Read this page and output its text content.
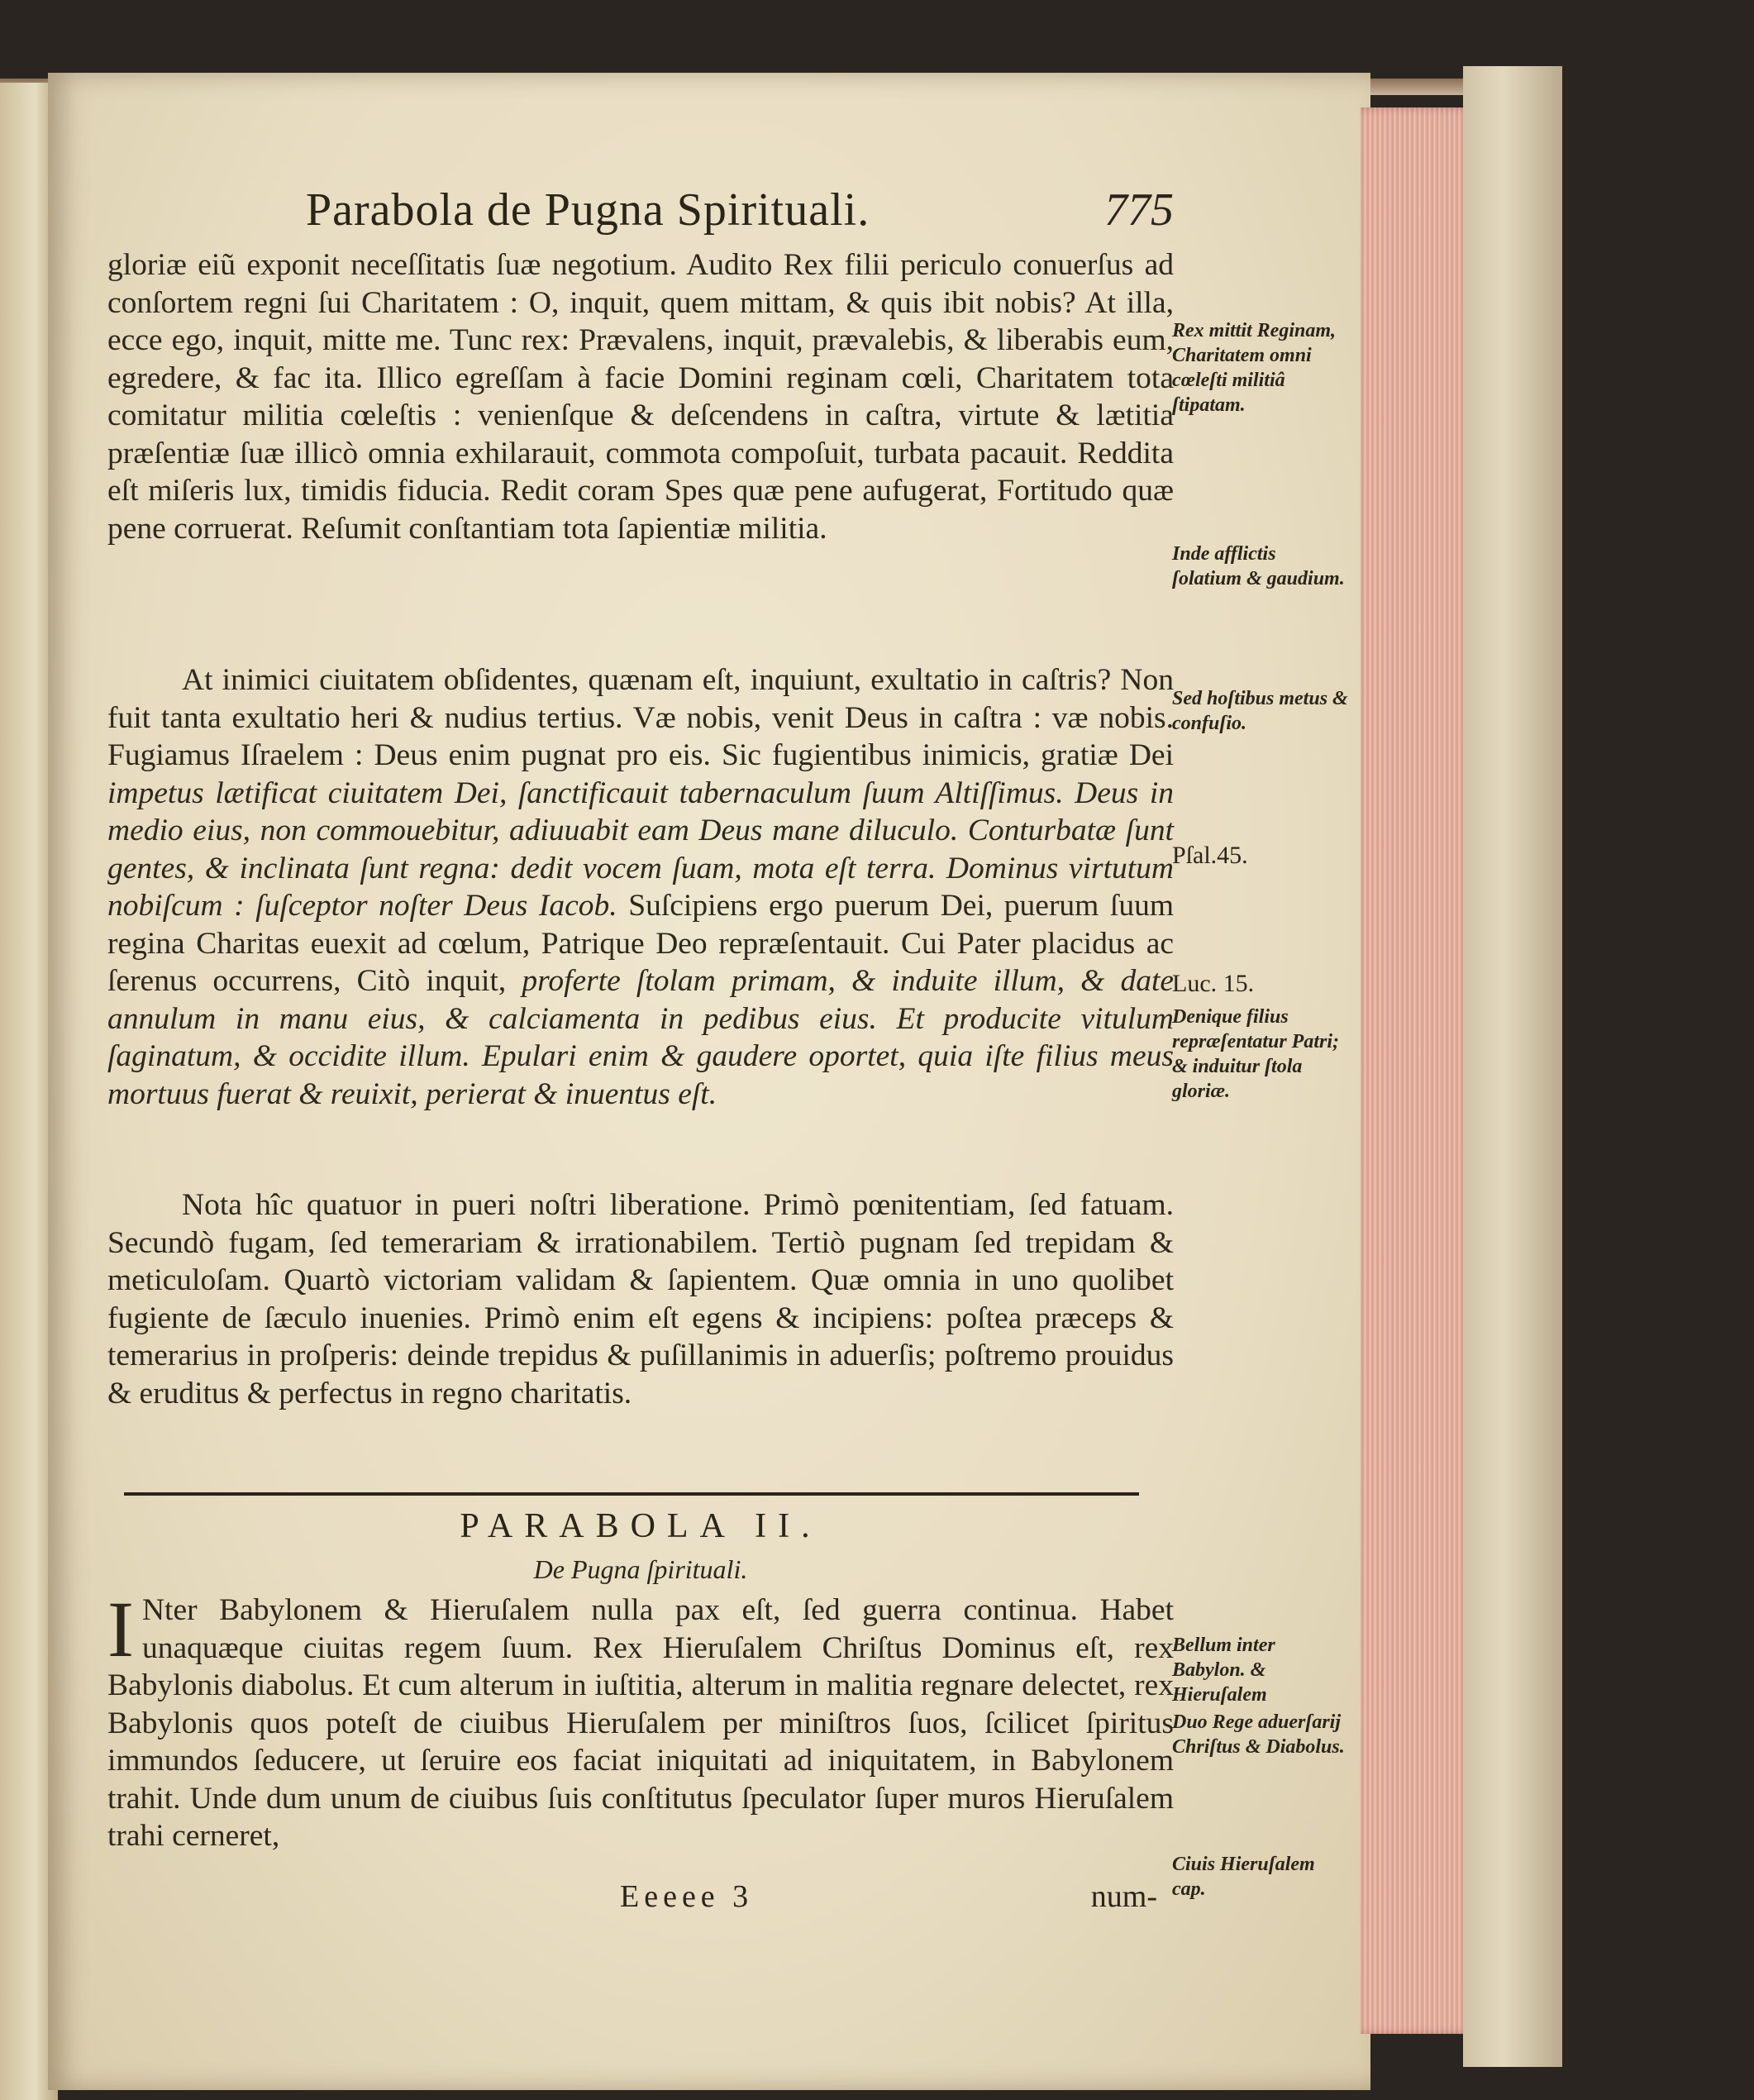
Parabola de Pugna Spirituali.	775

gloriæ eiũ exponit neceſſitatis ſuæ negotium. Audito Rex filii periculo conuerſus ad conſortem regni ſui Charitatem : O, inquit, quem mittam, & quis ibit nobis? At illa, ecce ego, inquit, mitte me. Tunc rex: Prævalens, inquit, prævalebis, & liberabis eum, egredere, & fac ita. Illico egreſſam à facie Domini reginam cœli, Charitatem tota comitatur militia cœleſtis : venienſque & deſcendens in caſtra, virtute & lætitia præſentiæ ſuæ illicò omnia exhilarauit, commota compoſuit, turbata pacauit. Reddita eſt miſeris lux, timidis fiducia. Redit coram Spes quæ pene aufugerat, Fortitudo quæ pene corruerat. Reſumit conſtantiam tota ſapientiæ militia.

At inimici ciuitatem obſidentes, quænam eſt, inquiunt, exultatio in caſtris? Non fuit tanta exultatio heri & nudius tertius. Væ nobis, venit Deus in caſtra : væ nobis. Fugiamus Iſraelem : Deus enim pugnat pro eis. Sic fugientibus inimicis, gratiæ Dei impetus lætificat ciuitatem Dei, ſanctificauit tabernaculum ſuum Altiſſimus. Deus in medio eius, non commouebitur, adiuuabit eam Deus mane diluculo. Conturbatæ ſunt gentes, & inclinata ſunt regna: dedit vocem ſuam, mota eſt terra. Dominus virtutum nobiſcum : ſuſceptor noſter Deus Iacob. Suſcipiens ergo puerum Dei, puerum ſuum regina Charitas euexit ad cœlum, Patrique Deo repræſentauit. Cui Pater placidus ac ſerenus occurrens, Citò inquit, proferte ſtolam primam, & induite illum, & date annulum in manu eius, & calciamenta in pedibus eius. Et producite vitulum ſaginatum, & occidite illum. Epulari enim & gaudere oportet, quia iſte filius meus mortuus fuerat & reuixit, perierat & inuentus eſt.

Nota hîc quatuor in pueri noſtri liberatione. Primò pœnitentiam, ſed fatuam. Secundò fugam, ſed temerariam & irrationabilem. Tertiò pugnam ſed trepidam & meticuloſam. Quartò victoriam validam & ſapientem. Quæ omnia in uno quolibet fugiente de ſæculo inuenies. Primò enim eſt egens & incipiens: poſtea præceps & temerarius in proſperis: deinde trepidus & puſillanimis in aduerſis; poſtremo prouidus & eruditus & perfectus in regno charitatis.

PARABOLA II.
De Pugna ſpirituali.
I Nter Babylonem & Hieruſalem nulla pax eſt, ſed guerra continua. Habet unaquæque ciuitas regem ſuum. Rex Hieruſalem Chriſtus Dominus eſt, rex Babylonis diabolus. Et cum alterum in iuſtitia, alterum in malitia regnare delectet, rex Babylonis quos poteſt de ciuibus Hieruſalem per miniſtros ſuos, ſcilicet ſpiritus immundos ſeducere, ut ſeruire eos faciat iniquitati ad iniquitatem, in Babylonem trahit. Unde dum unum de ciuibus ſuis conſtitutus ſpeculator ſuper muros Hieruſalem trahi cerneret,

Eeeee 3	num-
Rex mittit Reginam, Charitatem omni cœleſti militiâ ſtipatam.
Inde afflictis ſolatium & gaudium.
Sed hoſtibus metus & confuſio.
Pſal.45.
Luc. 15.
Denique filius repræſentatur Patri; & induitur ſtola gloriæ.
Bellum inter Babylon. & Hieruſalem
Duo Rege aduerſarij Chriſtus & Diabolus.
Ciuis Hieruſalem cap.
